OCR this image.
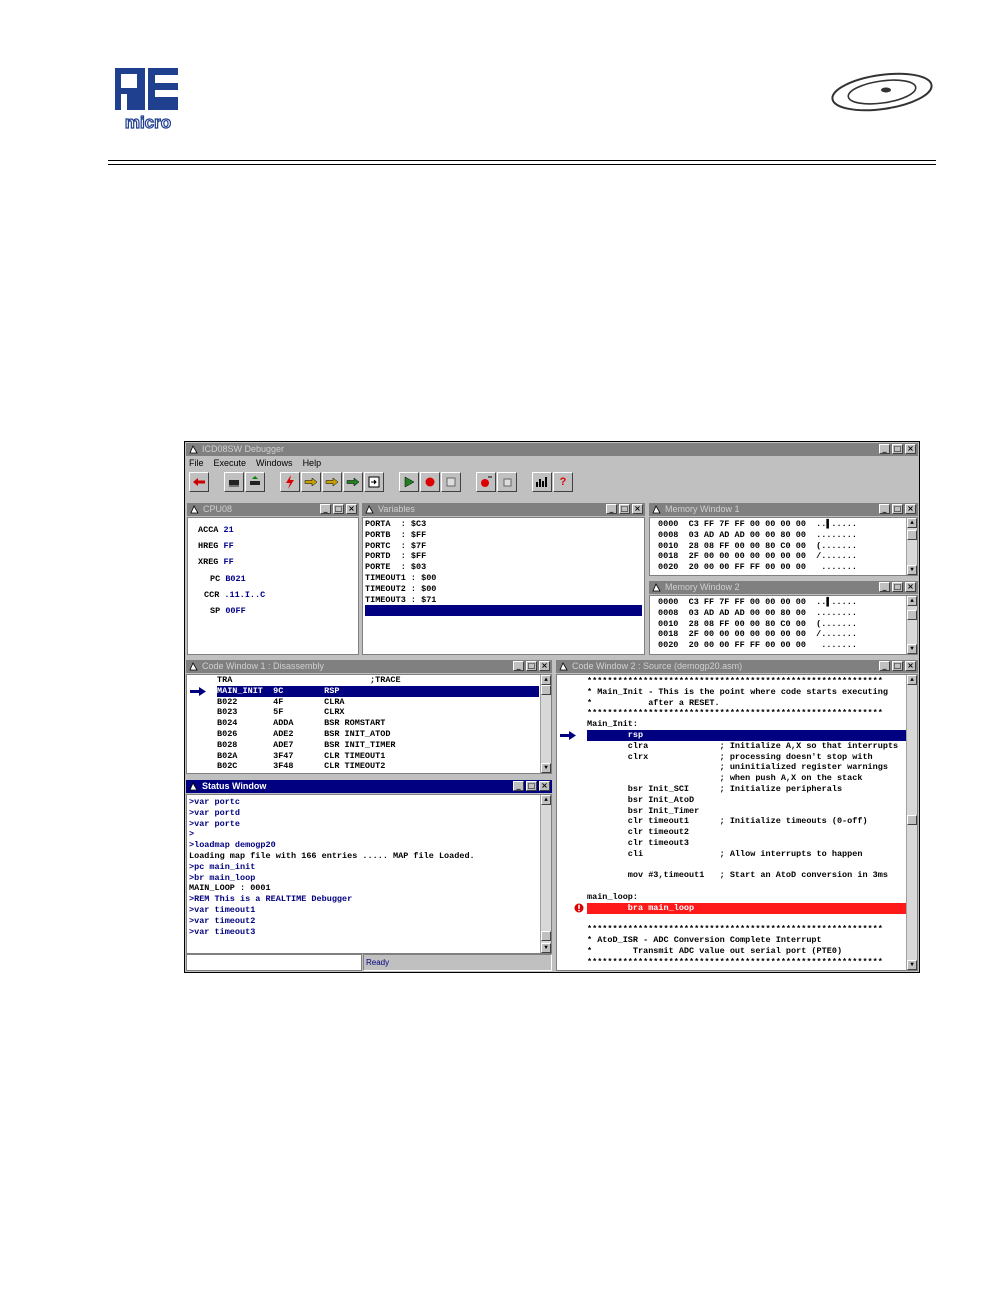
micro
ICD08SW Debugger	_ □ ×
File Execute Windows Help
?
CPU08	_ □ ×
ACCA 21
HREG FF
XREG FF
PC B021
CCR .11.I..C
SP 00FF
Variables	_ □ ×
PORTA  : $C3
PORTB  : $FF
PORTC  : $7F
PORTD  : $FF
PORTE  : $03
TIMEOUT1 : $00
TIMEOUT2 : $00
TIMEOUT3 : $71
Memory Window 1	_ □ ×
0000  C3 FF 7F FF 00 00 00 00  ..▌.....
0008  03 AD AD AD 00 00 80 00  ........
0010  28 08 FF 00 00 80 C0 00  (.......
0018  2F 00 00 00 00 00 00 00  /.......
0020  20 00 00 FF FF 00 00 00   .......
▲
▼
Memory Window 2	_ □ ×
0000  C3 FF 7F FF 00 00 00 00  ..▌.....
0008  03 AD AD AD 00 00 80 00  ........
0010  28 08 FF 00 00 80 C0 00  (.......
0018  2F 00 00 00 00 00 00 00  /.......
0020  20 00 00 FF FF 00 00 00   .......
▲
▼
Code Window 1 : Disassembly	_ □ ×
TRA                           ;TRACE
MAIN_INIT  9C        RSP
B022       4F        CLRA
B023       5F        CLRX
B024       ADDA      BSR ROMSTART
B026       ADE2      BSR INIT_ATOD
B028       ADE7      BSR INIT_TIMER
B02A       3F47      CLR TIMEOUT1
B02C       3F48      CLR TIMEOUT2
▲
▼
Status Window	_ □ ×
>var portc
>var portd
>var porte
>
>loadmap demogp20
Loading map file with 166 entries ..... MAP file Loaded.
>pc main_init
>br main_loop
MAIN_LOOP : 0001
>REM This is a REALTIME Debugger
>var timeout1
>var timeout2
>var timeout3
▲
▼
Ready
Code Window 2 : Source (demogp20.asm)	_ □ ×
**********************************************************
* Main_Init - This is the point where code starts executing
*           after a RESET.
**********************************************************
Main_Init:
rsp
clra              ; Initialize A,X so that interrupts
clrx              ; processing doesn't stop with
; uninitialized register warnings
; when push A,X on the stack
bsr Init_SCI      ; Initialize peripherals
bsr Init_AtoD
bsr Init_Timer
clr timeout1      ; Initialize timeouts (0-off)
clr timeout2
clr timeout3
cli               ; Allow interrupts to happen
mov #3,timeout1   ; Start an AtoD conversion in 3ms
main_loop:
bra main_loop
**********************************************************
* AtoD_ISR - ADC Conversion Complete Interrupt
*        Transmit ADC value out serial port (PTE0)
**********************************************************
▲
▼
